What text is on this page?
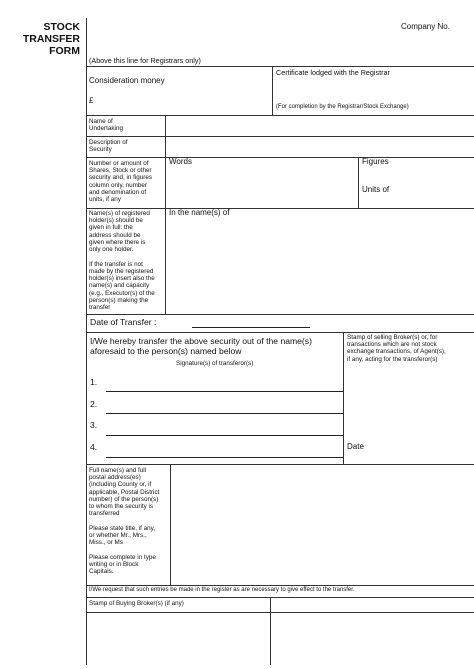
STOCK
TRANSFER
FORM
Company No.
(Above this line for Registrars only)
Consideration money
£
Certificate lodged with the Registrar
(For completion by the Registrar/Stock Exchange)
Name of
Undertaking
Description of
Security
Number or amount of
Shares, Stock or other
security and, in figures
column only, number
and denomination of
units, if any
Words	Figures
Units of
Name(s) of registered
holder(s) should be
given in full: the
address should be
given where there is
only one holder.

If the transfer is not
made by the registered
holder(s) insert also the
name(s) and capacity
(e.g., Executor(s) of the
person(s) making the
transfer
In the name(s) of
Date of Transfer :
I/We hereby transfer the above security out of the name(s)
aforesaid to the person(s) named below
Signature(s) of transferor(s)
1.
2.
3.
4.
Stamp of selling Broker(s) or, for
transactions which are not stock
exchange transactions, of Agent(s),
if any, acting for the transferor(s)
Date
Full name(s) and full
postal address(es)
(including County or, if
applicable, Postal District
number) of the person(s)
to whom the security is
transferred

Please state title, if any,
or whether Mr., Mrs.,
Miss., or Ms

Please complete in type
writing or in Block
Capitals.
I/We request that such entries be made in the register as are necessary to give effect to the transfer.
Stamp of Buying Broker(s) (if any)
